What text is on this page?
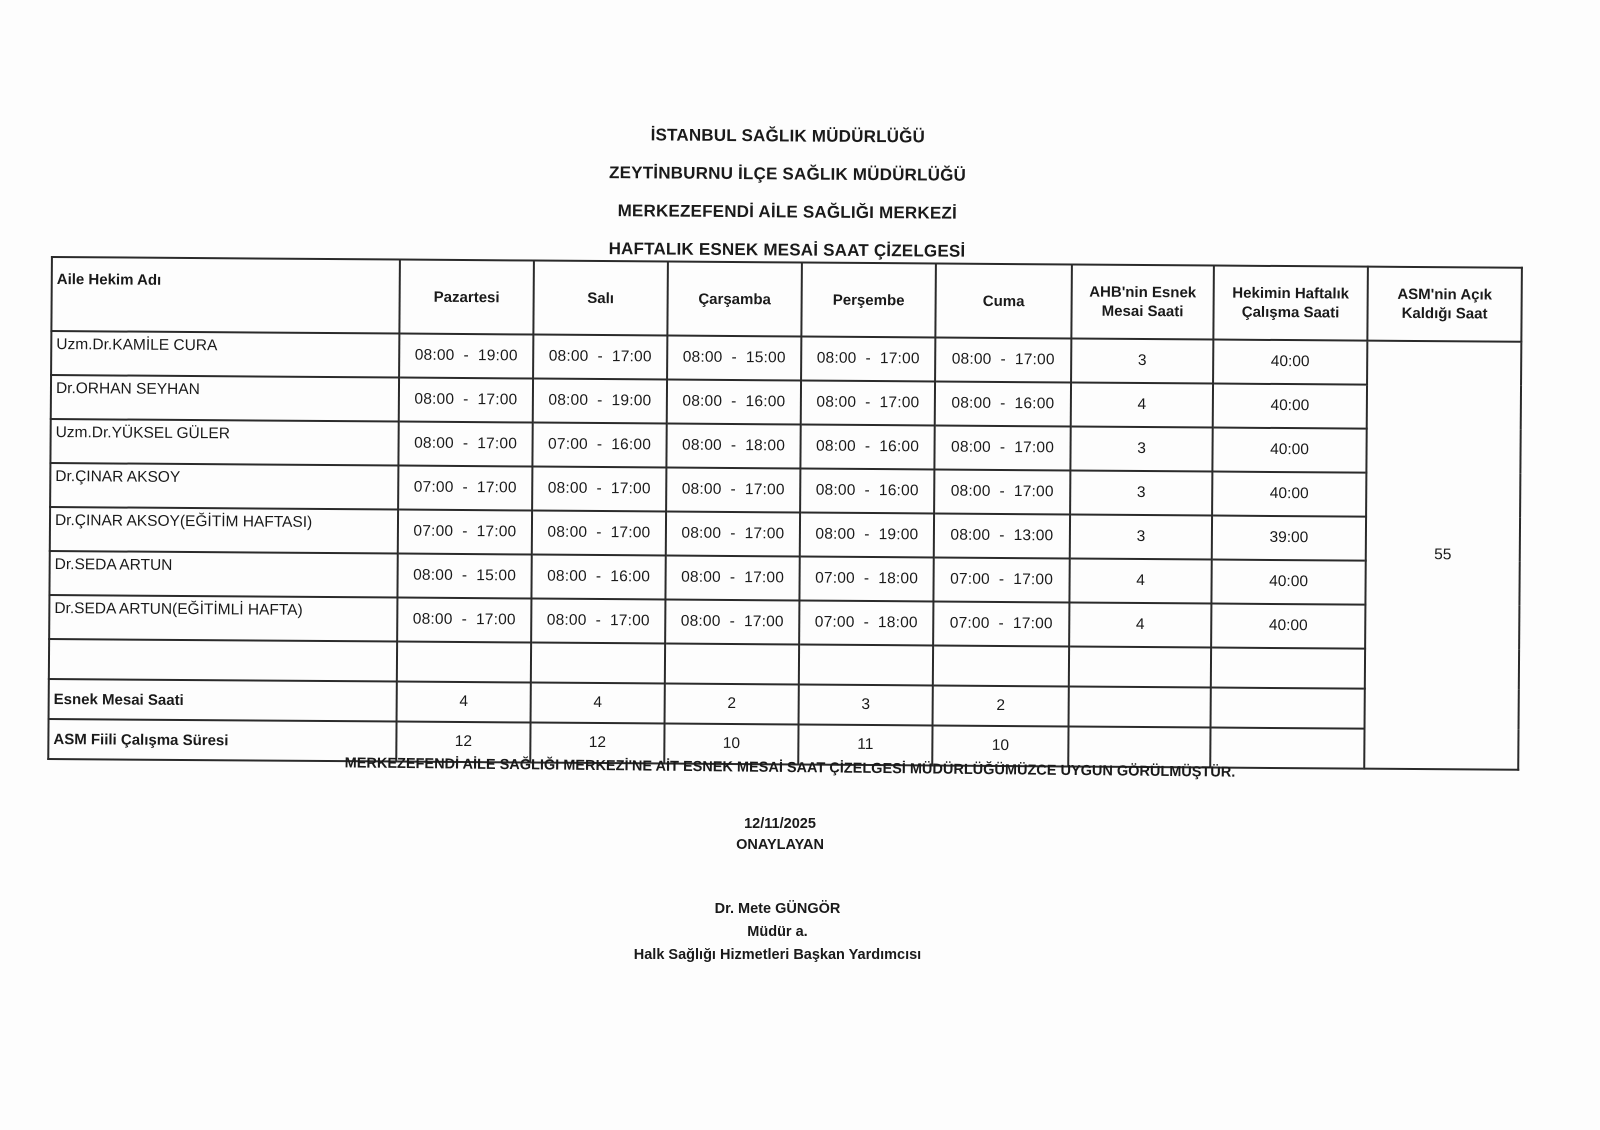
İSTANBUL SAĞLIK MÜDÜRLÜĞÜ
ZEYTİNBURNU İLÇE SAĞLIK MÜDÜRLÜĞÜ
MERKEZEFENDİ AİLE SAĞLIĞI MERKEZİ
HAFTALIK ESNEK MESAİ SAAT ÇİZELGESİ
Aile Hekim Adı	Pazartesi	Salı	Çarşamba	Perşembe	Cuma	AHB'nin Esnek Mesai Saati	Hekimin Haftalık Çalışma Saati	ASM'nin Açık Kaldığı Saat
Uzm.Dr.KAMİLE CURA	08:00  -  19:00	08:00  -  17:00	08:00  -  15:00	08:00  -  17:00	08:00  -  17:00	3	40:00	55
Dr.ORHAN SEYHAN	08:00  -  17:00	08:00  -  19:00	08:00  -  16:00	08:00  -  17:00	08:00  -  16:00	4	40:00	
Uzm.Dr.YÜKSEL GÜLER	08:00  -  17:00	07:00  -  16:00	08:00  -  18:00	08:00  -  16:00	08:00  -  17:00	3	40:00	
Dr.ÇINAR AKSOY	07:00  -  17:00	08:00  -  17:00	08:00  -  17:00	08:00  -  16:00	08:00  -  17:00	3	40:00	
Dr.ÇINAR AKSOY(EĞİTİM HAFTASI)	07:00  -  17:00	08:00  -  17:00	08:00  -  17:00	08:00  -  19:00	08:00  -  13:00	3	39:00	
Dr.SEDA ARTUN	08:00  -  15:00	08:00  -  16:00	08:00  -  17:00	07:00  -  18:00	07:00  -  17:00	4	40:00	
Dr.SEDA ARTUN(EĞİTİMLİ HAFTA)	08:00  -  17:00	08:00  -  17:00	08:00  -  17:00	07:00  -  18:00	07:00  -  17:00	4	40:00	

Esnek Mesai Saati	4	4	2	3	2			
ASM Fiili Çalışma Süresi	12	12	10	11	10			
MERKEZEFENDİ AİLE SAĞLIĞI MERKEZİ'NE AİT ESNEK MESAİ SAAT ÇİZELGESİ MÜDÜRLÜĞÜMÜZCE UYGUN GÖRÜLMÜŞTÜR.
12/11/2025
ONAYLAYAN
Dr. Mete GÜNGÖR
Müdür a.
Halk Sağlığı Hizmetleri Başkan Yardımcısı
